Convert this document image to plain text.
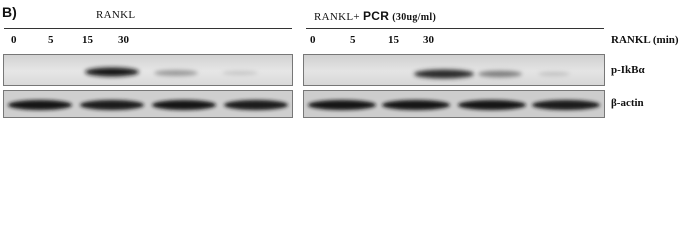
B)	RANKL	RANKL+ PCR (30ug/ml)
0	5	15 30	0	5	15 30	RANKL (min)
p-IkBα
β-actin
